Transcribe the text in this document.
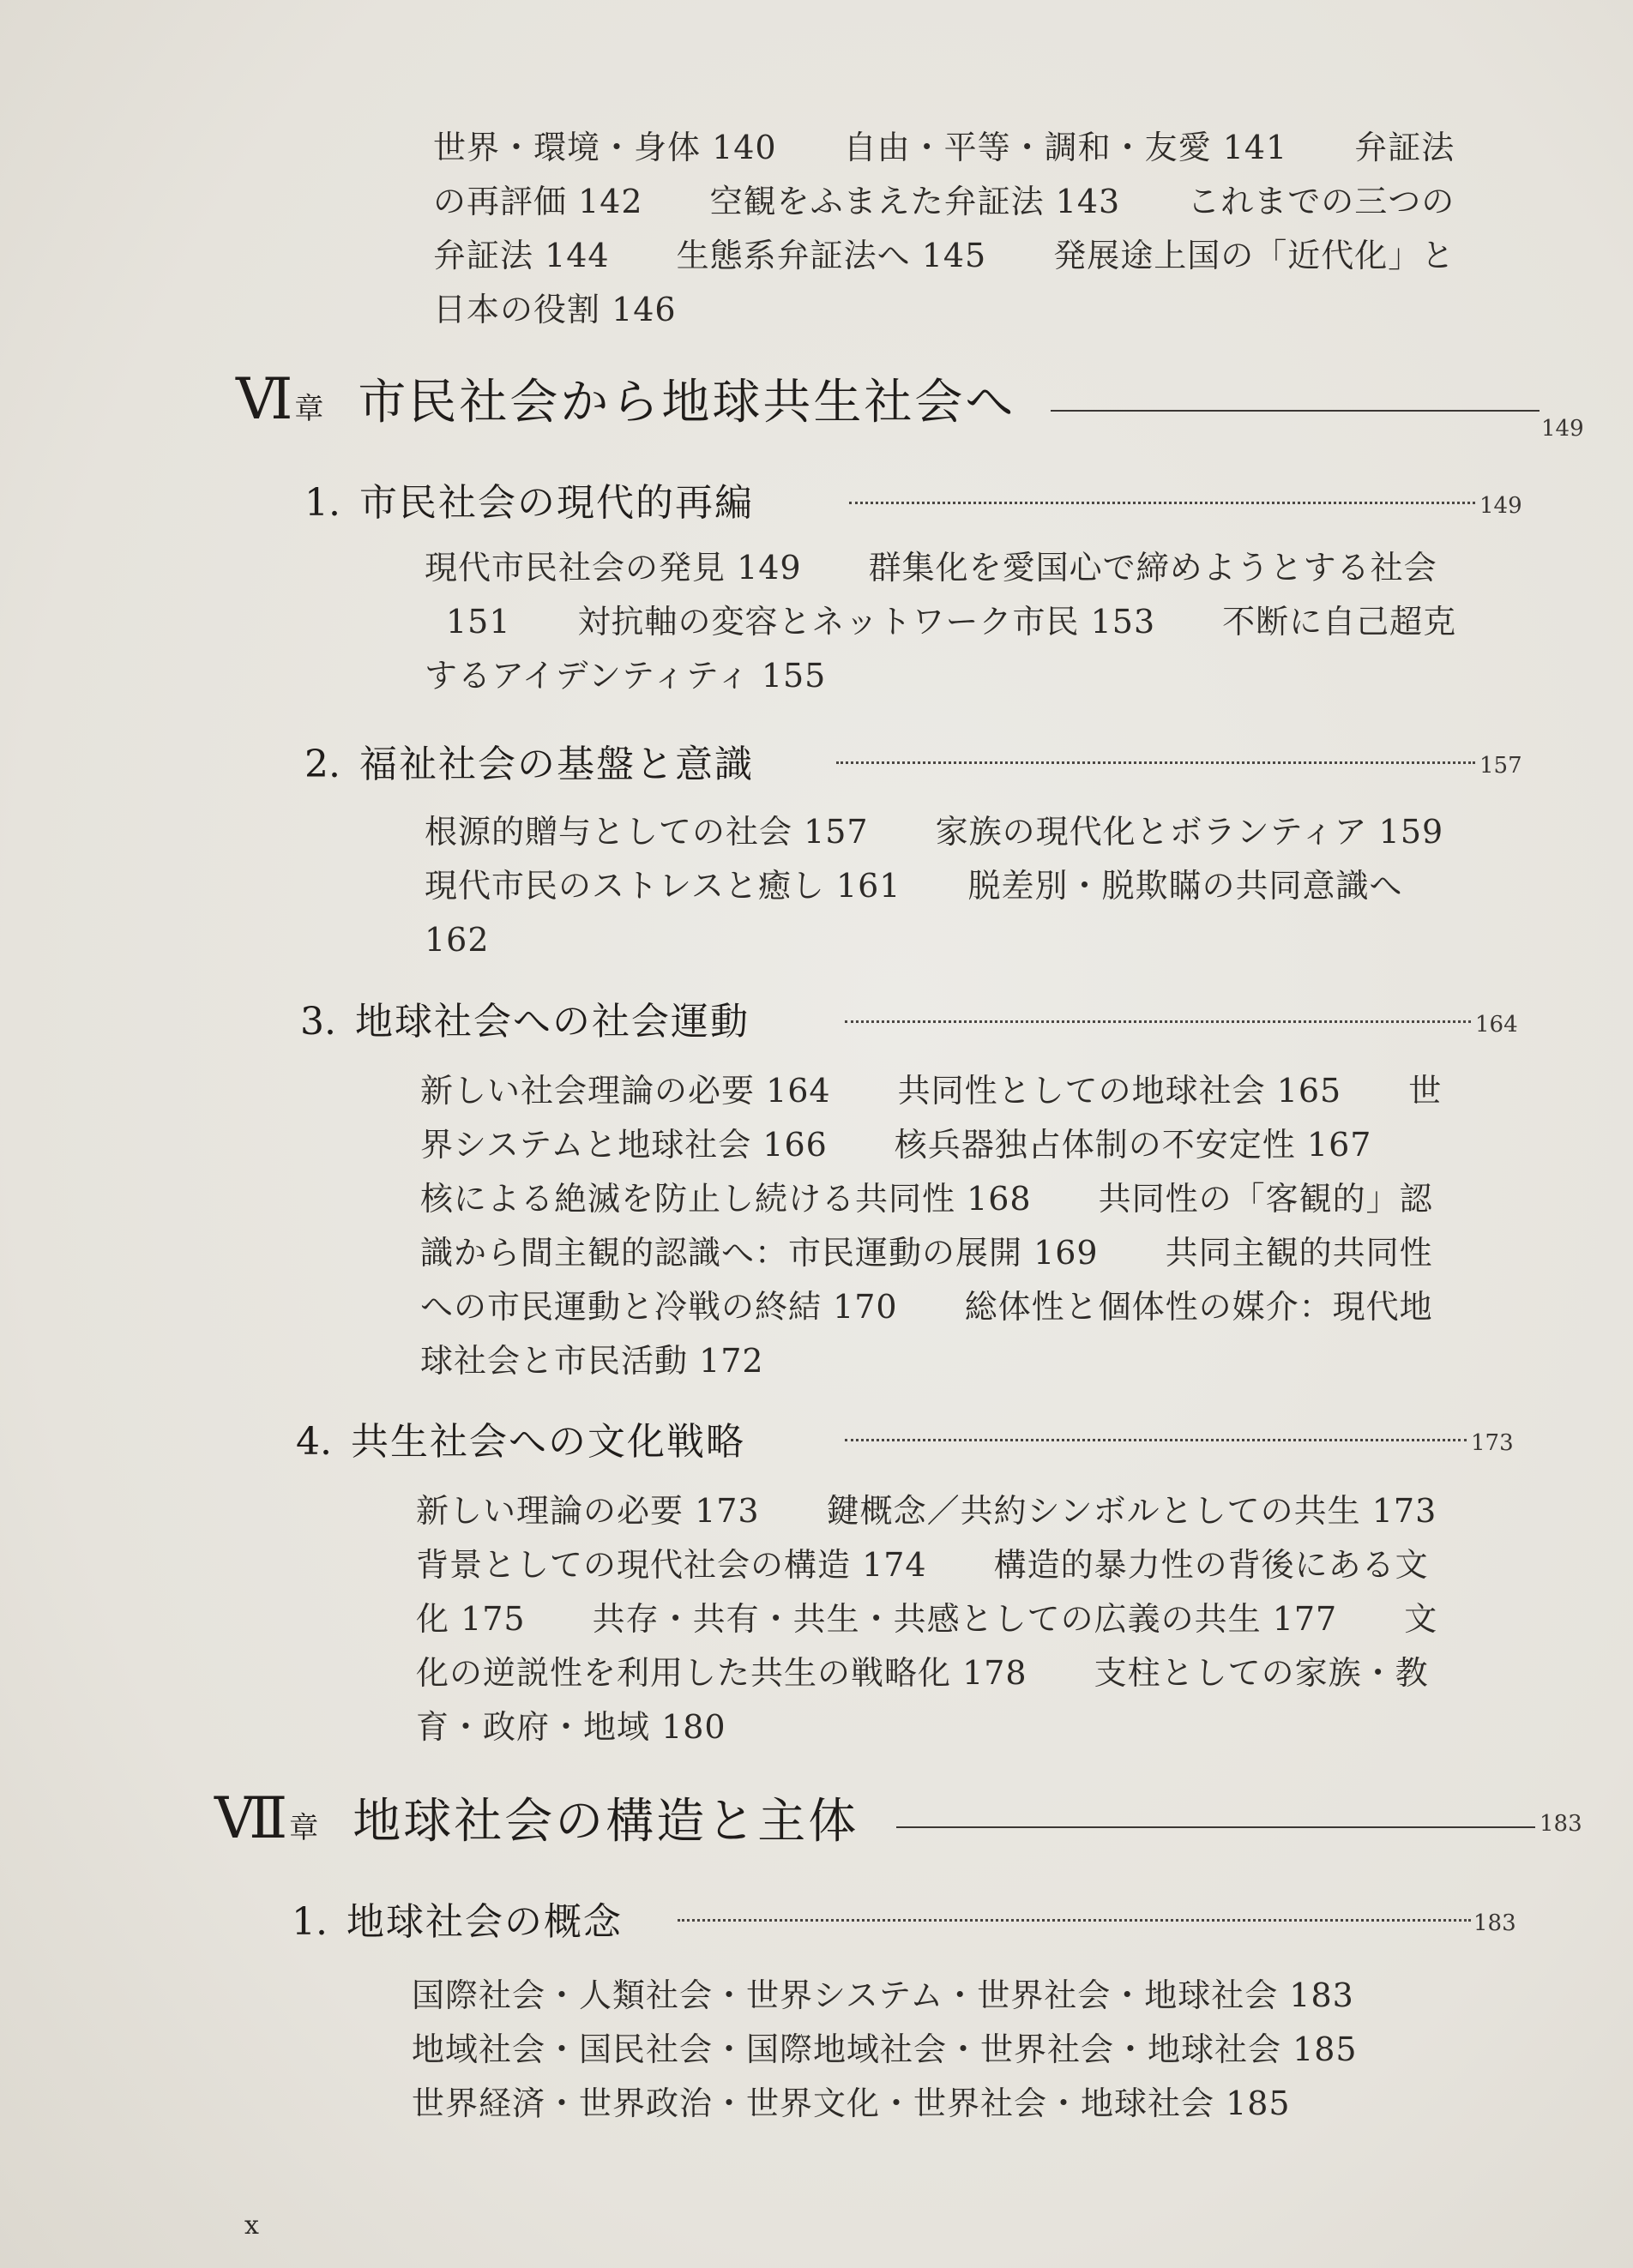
世界・環境・身体 140　　自由・平等・調和・友愛 141　　弁証法
の再評価 142　　空観をふまえた弁証法 143　　これまでの三つの
弁証法 144　　生態系弁証法へ 145　　発展途上国の「近代化」と
日本の役割 146
Ⅵ 章 市民社会から地球共生社会へ	149
1. 市民社会の現代的再編	149
現代市民社会の発見 149　　群集化を愛国心で締めようとする社会
151　　対抗軸の変容とネットワーク市民 153　　不断に自己超克
するアイデンティティ 155
2. 福祉社会の基盤と意識	157
根源的贈与としての社会 157　　家族の現代化とボランティア 159
現代市民のストレスと癒し 161　　脱差別・脱欺瞞の共同意識へ
162
3. 地球社会への社会運動	164
新しい社会理論の必要 164　　共同性としての地球社会 165　　世
界システムと地球社会 166　　核兵器独占体制の不安定性 167
核による絶滅を防止し続ける共同性 168　　共同性の「客観的」認
識から間主観的認識へ：市民運動の展開 169　　共同主観的共同性
への市民運動と冷戦の終結 170　　総体性と個体性の媒介：現代地
球社会と市民活動 172
4. 共生社会への文化戦略	173
新しい理論の必要 173　　鍵概念／共約シンボルとしての共生 173
背景としての現代社会の構造 174　　構造的暴力性の背後にある文
化 175　　共存・共有・共生・共感としての広義の共生 177　　文
化の逆説性を利用した共生の戦略化 178　　支柱としての家族・教
育・政府・地域 180
Ⅶ 章 地球社会の構造と主体	183
1. 地球社会の概念	183
国際社会・人類社会・世界システム・世界社会・地球社会 183
地域社会・国民社会・国際地域社会・世界社会・地球社会 185
世界経済・世界政治・世界文化・世界社会・地球社会 185
x
